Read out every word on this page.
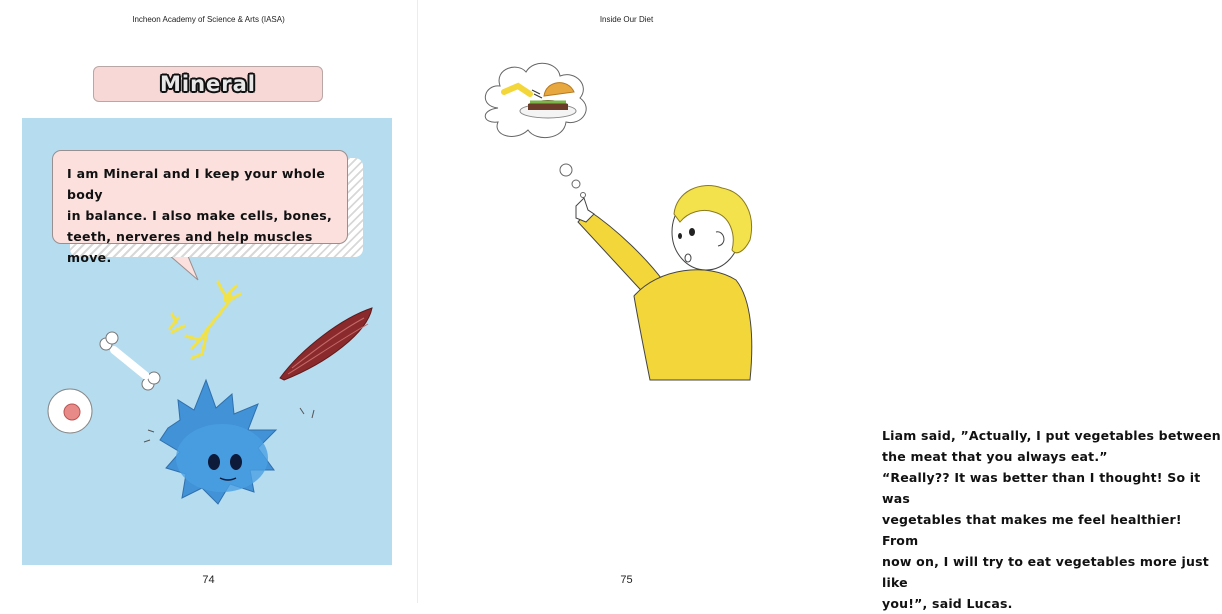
Incheon Academy of Science & Arts (IASA)
Mineral

I am Mineral and I keep your whole body
in balance. I also make cells, bones,
teeth, nerveres and help muscles move.

74
Inside Our Diet

Liam said, ”Actually, I put vegetables between

the meat that you always eat.”

“Really?? It was better than I thought! So it was

vegetables that makes me feel healthier! From

now on, I will try to eat vegetables more just like

you!”, said Lucas.

75
